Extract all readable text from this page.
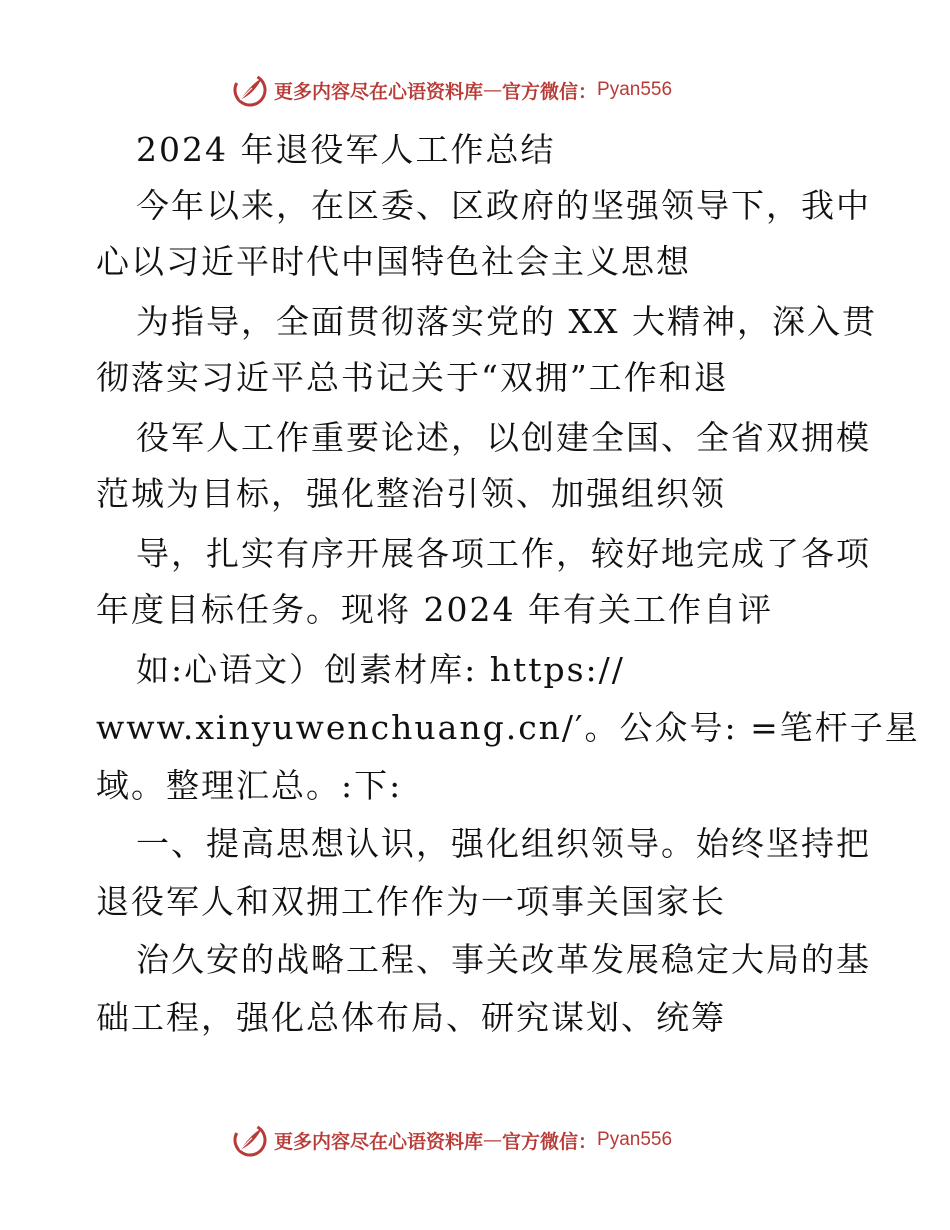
更多内容尽在心语资料库 — 官方微信： Pyan556
2024 年退役军人工作总结
今年以来，在区委、区政府的坚强领导下，我中
心以习近平时代中国特色社会主义思想
为指导，全面贯彻落实党的 XX 大精神，深入贯
彻落实习近平总书记关于“双拥”工作和退
役军人工作重要论述，以创建全国、全省双拥模
范城为目标，强化整治引领、加强组织领
导，扎实有序开展各项工作，较好地完成了各项
年度目标任务。现将 2024 年有关工作自评
如:心语文）创素材库: https://
www.xinyuwenchuang.cn/′。公众号: =笔杆子星
域。整理汇总。:下:
一、提高思想认识，强化组织领导。始终坚持把
退役军人和双拥工作作为一项事关国家长
治久安的战略工程、事关改革发展稳定大局的基
础工程，强化总体布局、研究谋划、统筹
更多内容尽在心语资料库 — 官方微信： Pyan556
